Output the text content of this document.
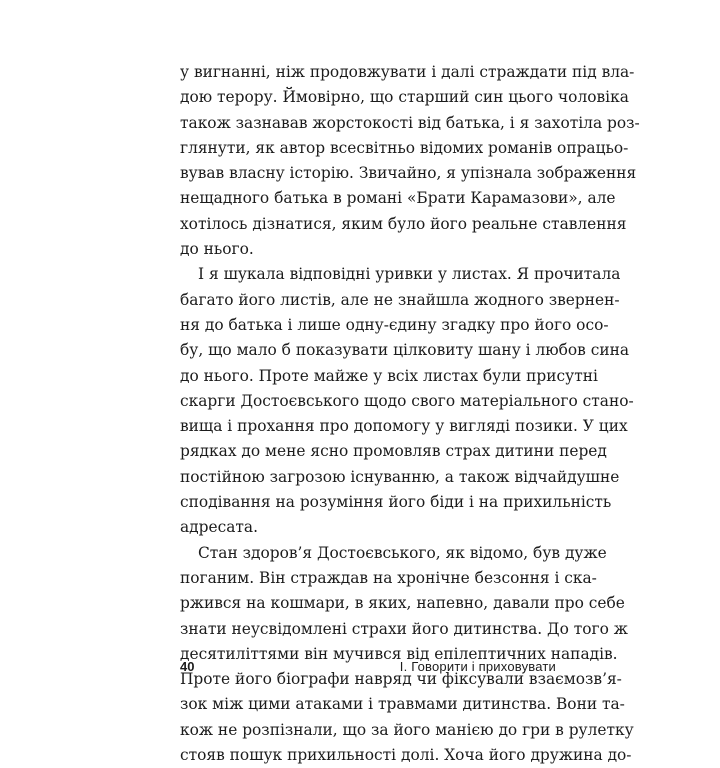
у вигнанні, ніж продовжувати і далі страждати під вла-
дою терору. Ймовірно, що старший син цього чоловіка
також зазнавав жорстокості від батька, і я захотіла роз-
глянути, як автор всесвітньо відомих романів опрацьо-
вував власну історію. Звичайно, я упізнала зображення
нещадного батька в романі «Брати Карамазови», але
хотілось дізнатися, яким було його реальне ставлення
до нього.

І я шукала відповідні уривки у листах. Я прочитала
багато його листів, але не знайшла жодного звернен-
ня до батька і лише одну-єдину згадку про його осо-
бу, що мало б показувати цілковиту шану і любов сина
до нього. Проте майже у всіх листах були присутні
скарги Достоєвського щодо свого матеріального стано-
вища і прохання про допомогу у вигляді позики. У цих
рядках до мене ясно промовляв страх дитини перед
постійною загрозою існуванню, а також відчайдушне
сподівання на розуміння його біди і на прихильність
адресата.

Стан здоров’я Достоєвського, як відомо, був дуже
поганим. Він страждав на хронічне безсоння і ска-
ржився на кошмари, в яких, напевно, давали про себе
знати неусвідомлені страхи його дитинства. До того ж
десятиліттями він мучився від епілептичних нападів.
Проте його біографи навряд чи фіксували взаємозв’я-
зок між цими атаками і травмами дитинства. Вони та-
кож не розпізнали, що за його манією до гри в рулетку
стояв пошук прихильності долі. Хоча його дружина до-

40	I. Говорити і приховувати
